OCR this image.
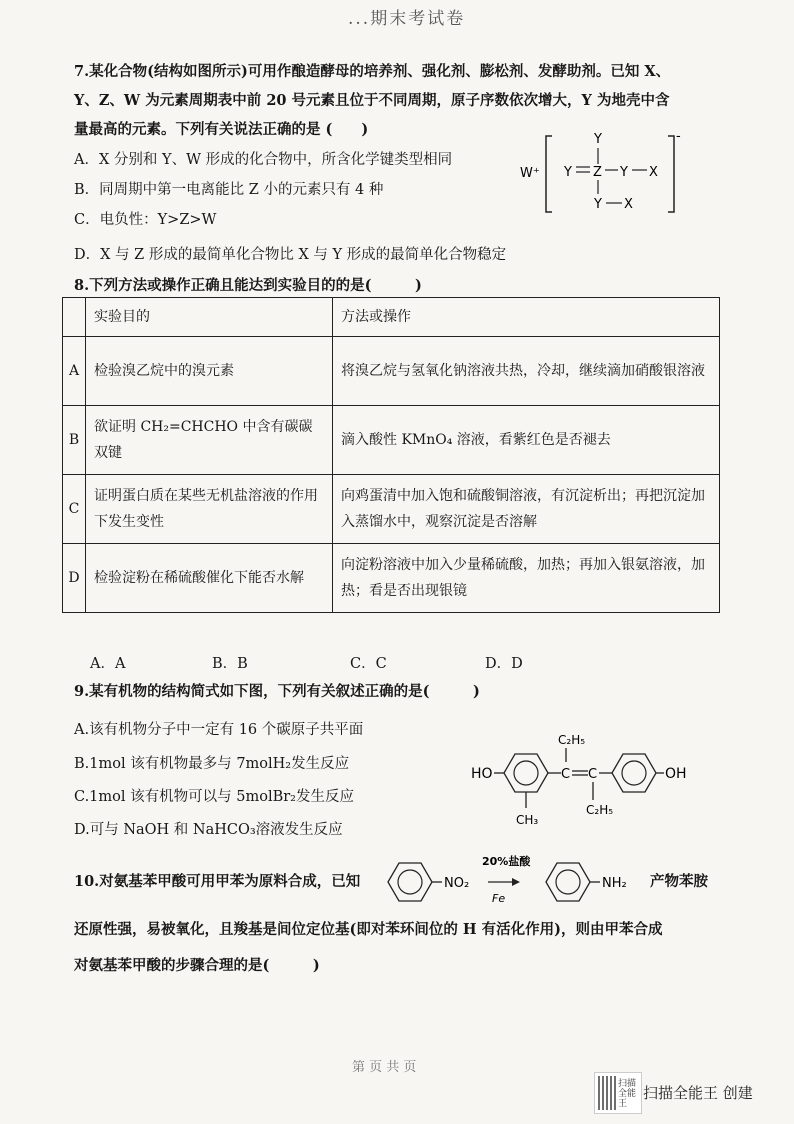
...期末考试卷
7.某化合物(结构如图所示)可用作酿造酵母的培养剂、强化剂、膨松剂、发酵助剂。已知 X、
Y、Z、W 为元素周期表中前 20 号元素且位于不同周期，原子序数依次增大，Y 为地壳中含
量最高的元素。下列有关说法正确的是 (　　)
A．X 分别和 Y、W 形成的化合物中，所含化学键类型相同
B．同周期中第一电离能比 Z 小的元素只有 4 种
C．电负性：Y>Z>W
D．X 与 Z 形成的最简单化合物比 X 与 Y 形成的最简单化合物稳定
W⁺
-
Y
Y Z Y X
Y X
8.下列方法或操作正确且能达到实验目的的是(　　　)
	实验目的	方法或操作
A	检验溴乙烷中的溴元素	将溴乙烷与氢氧化钠溶液共热，冷却，继续滴加硝酸银溶液
B	欲证明 CH₂=CHCHO 中含有碳碳双键	滴入酸性 KMnO₄ 溶液，看紫红色是否褪去
C	证明蛋白质在某些无机盐溶液的作用下发生变性	向鸡蛋清中加入饱和硫酸铜溶液，有沉淀析出；再把沉淀加入蒸馏水中，观察沉淀是否溶解
D	检验淀粉在稀硫酸催化下能否水解	向淀粉溶液中加入少量稀硫酸，加热；再加入银氨溶液，加热；看是否出现银镜
A．A	B．B	C．C	D．D
9.某有机物的结构简式如下图，下列有关叙述正确的是(　　　)
A.该有机物分子中一定有 16 个碳原子共平面
B.1mol 该有机物最多与 7molH₂发生反应
C.1mol 该有机物可以与 5molBr₂发生反应
D.可与 NaOH 和 NaHCO₃溶液发生反应
HO	C C
C₂H₅
C₂H₅
OH
CH₃
10.对氨基苯甲酸可用甲苯为原料合成，已知	NO₂
20%盐酸
Fe
NH₂ 产物苯胺
还原性强，易被氧化，且羧基是间位定位基(即对苯环间位的 H 有活化作用)，则由甲苯合成
对氨基苯甲酸的步骤合理的是(　　　)
第 页 共 页
扫描全能王
扫描全能王 创建
